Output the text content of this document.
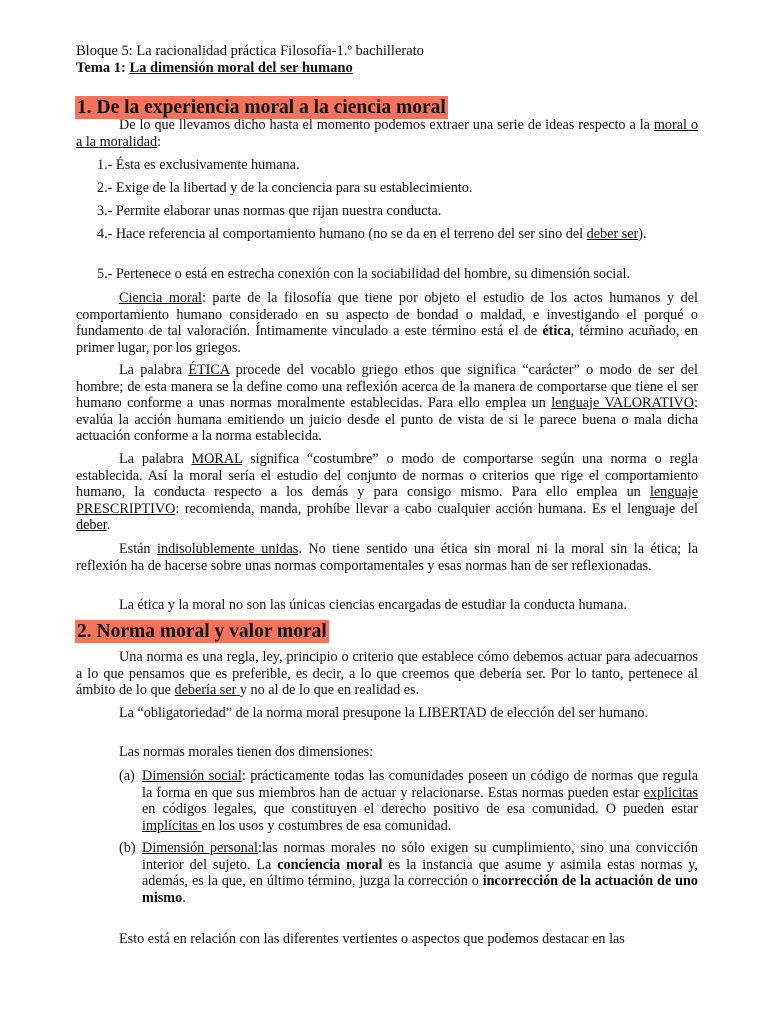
Bloque 5: La racionalidad práctica Filosofía-1.º bachillerato
Tema 1: La dimensión moral del ser humano
1. De la experiencia moral a la ciencia moral
De lo que llevamos dicho hasta el momento podemos extraer una serie de ideas respecto a la moral o a la moralidad:
1.- Ésta es exclusivamente humana.
2.- Exige de la libertad y de la conciencia para su establecimiento.
3.- Permite elaborar unas normas que rijan nuestra conducta.
4.- Hace referencia al comportamiento humano (no se da en el terreno del ser sino del deber ser).
5.- Pertenece o está en estrecha conexión con la sociabilidad del hombre, su dimensión social.
Ciencia moral: parte de la filosofía que tiene por objeto el estudio de los actos humanos y del comportamiento humano considerado en su aspecto de bondad o maldad, e investigando el porqué o fundamento de tal valoración. Íntimamente vinculado a este término está el de ética, término acuñado, en primer lugar, por los griegos.
La palabra ÉTICA procede del vocablo griego ethos que significa “carácter” o modo de ser del hombre; de esta manera se la define como una reflexión acerca de la manera de comportarse que tiene el ser humano conforme a unas normas moralmente establecidas. Para ello emplea un lenguaje VALORATIVO: evalúa la acción humana emitiendo un juicio desde el punto de vista de si le parece buena o mala dicha actuación conforme a la norma establecida.
La palabra MORAL significa “costumbre” o modo de comportarse según una norma o regla establecida. Así la moral sería el estudio del conjunto de normas o criterios que rige el comportamiento humano, la conducta respecto a los demás y para consigo mismo. Para ello emplea un lenguaje PRESCRIPTIVO: recomienda, manda, prohíbe llevar a cabo cualquier acción humana. Es el lenguaje del deber.
Están indisolublemente unidas. No tiene sentido una ética sin moral ni la moral sin la ética; la reflexión ha de hacerse sobre unas normas comportamentales y esas normas han de ser reflexionadas.
La ética y la moral no son las únicas ciencias encargadas de estudiar la conducta humana.
2. Norma moral y valor moral
Una norma es una regla, ley, principio o criterio que establece cómo debemos actuar para adecuarnos a lo que pensamos que es preferible, es decir, a lo que creemos que debería ser. Por lo tanto, pertenece al ámbito de lo que debería ser y no al de lo que en realidad es.
La “obligatoriedad” de la norma moral presupone la LIBERTAD de elección del ser humano.
Las normas morales tienen dos dimensiones:
(a) Dimensión social: prácticamente todas las comunidades poseen un código de normas que regula la forma en que sus miembros han de actuar y relacionarse. Estas normas pueden estar explícitas en códigos legales, que constituyen el derecho positivo de esa comunidad. O pueden estar implícitas en los usos y costumbres de esa comunidad.
(b) Dimensión personal:las normas morales no sólo exigen su cumplimiento, sino una convicción interior del sujeto. La conciencia moral es la instancia que asume y asimila estas normas y, además, es la que, en último término, juzga la corrección o incorrección de la actuación de uno mismo.
Esto está en relación con las diferentes vertientes o aspectos que podemos destacar en las
